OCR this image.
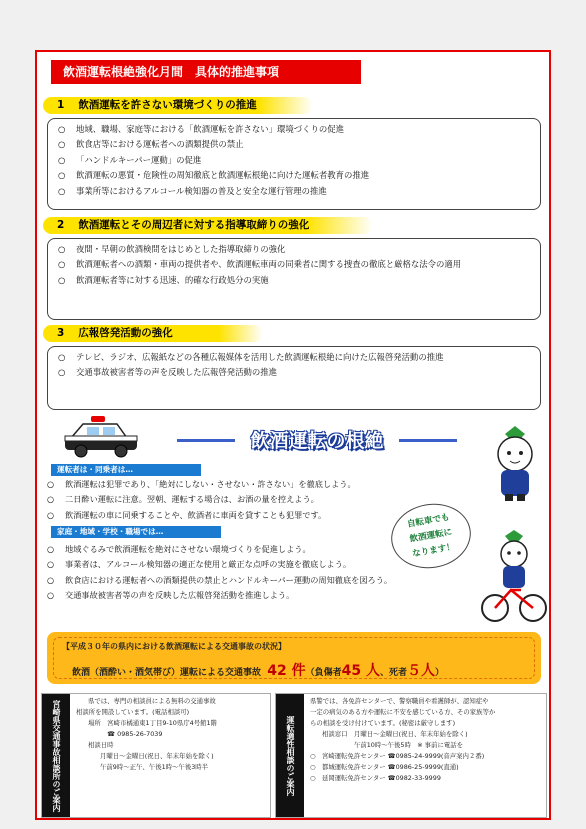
飲酒運転根絶強化月間　具体的推進事項
1 飲酒運転を許さない環境づくりの推進
○	地域、職場、家庭等における「飲酒運転を許さない」環境づくりの促進
○	飲食店等における運転者への酒類提供の禁止
○	「ハンドルキーパー運動」の促進
○	飲酒運転の悪質・危険性の周知徹底と飲酒運転根絶に向けた運転者教育の推進
○	事業所等におけるアルコール検知器の普及と安全な運行管理の推進
2 飲酒運転とその周辺者に対する指導取締りの強化
○	夜間・早朝の飲酒検問をはじめとした指導取締りの強化
○	飲酒運転者への酒類・車両の提供者や、飲酒運転車両の同乗者に関する捜査の徹底と厳格な法令の適用
○	飲酒運転者等に対する迅速、的確な行政処分の実施
3 広報啓発活動の強化
○	テレビ、ラジオ、広報紙などの各種広報媒体を活用した飲酒運転根絶に向けた広報啓発活動の推進
○	交通事故被害者等の声を反映した広報啓発活動の推進
飲酒運転の根絶
運転者は・同乗者は…
○	飲酒運転は犯罪であり、「絶対にしない・させない・許さない」を徹底しよう。
○	二日酔い運転に注意。翌朝、運転する場合は、お酒の量を控えよう。
○	飲酒運転の車に同乗することや、飲酒者に車両を貸すことも犯罪です。
家庭・地域・学校・職場では…
○	地域ぐるみで飲酒運転を絶対にさせない環境づくりを促進しよう。
○	事業者は、アルコール検知器の適正な使用と厳正な点呼の実施を徹底しよう。
○	飲食店における運転者への酒類提供の禁止とハンドルキーパー運動の周知徹底を図ろう。
○	交通事故被害者等の声を反映した広報啓発活動を推進しよう。
自転車でも
飲酒運転に
なります！
【平成３０年の県内における飲酒運転による交通事故の状況】
飲酒（酒酔い・酒気帯び）運転による交通事故 42 件（負傷者45 人、死者５人）
宮崎県交通事故相談所のご案内	県では、専門の相談員による無料の交通事故
相談所を開設しています。(電話相談可)
場所　宮崎市橘通東1丁目9-10県庁4号館1階
　　　☎ 0985-26-7039
相談日時
月曜日～金曜日(祝日、年末年始を除く)
午前9時～正午、午後1時～午後3時半	運転適性相談のご案内
県警では、各免許センターで、警察職員や看護師が、認知症や
一定の病気のある方や運転に不安を感じている方、その家族等か
らの相談を受け付けています。(秘密は厳守します)
相談窓口　月曜日～金曜日(祝日、年末年始を除く)
　　　　　午前10時～午後5時　※ 事前に電話を
○　宮崎運転免許センター ☎0985-24-9999(音声案内２番)
○　都城運転免許センター ☎0986-25-9999(直通)
○　延岡運転免許センター ☎0982-33-9999
